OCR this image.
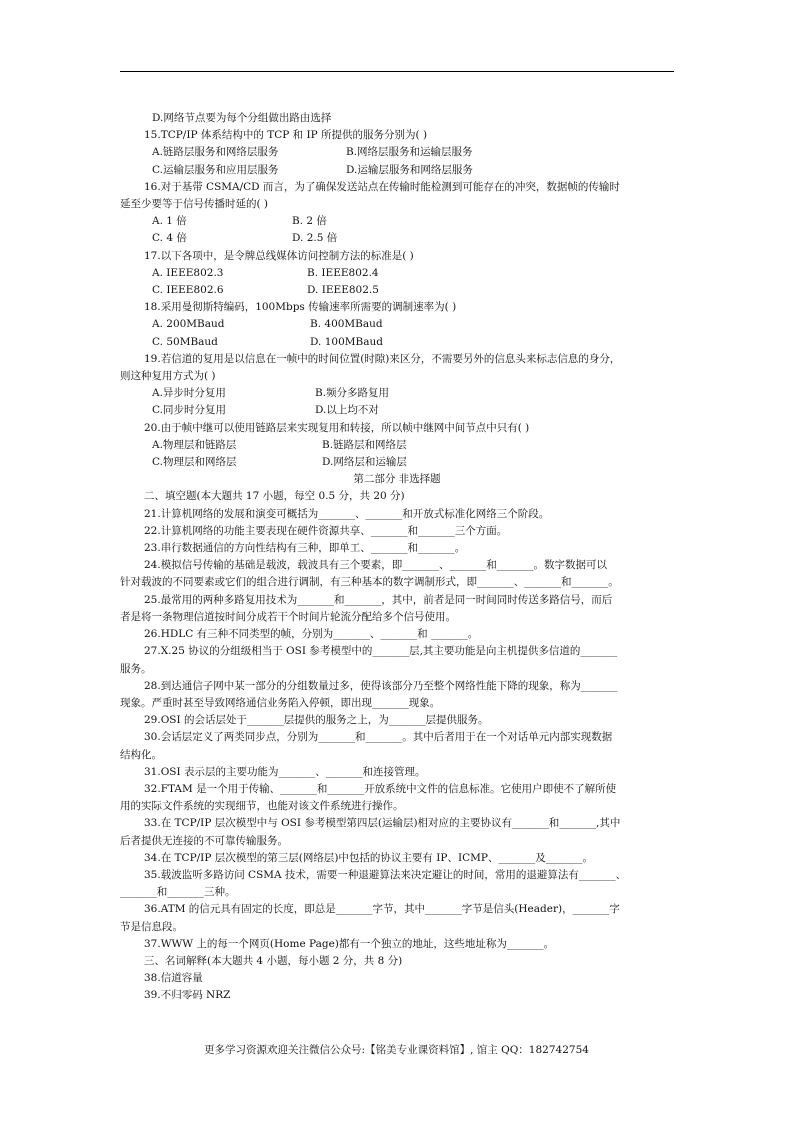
D.网络节点要为每个分组做出路由选择
15.TCP/IP 体系结构中的 TCP 和 IP 所提供的服务分别为( )
A.链路层服务和网络层服务	B.网络层服务和运输层服务
C.运输层服务和应用层服务	D.运输层服务和网络层服务
16.对于基带 CSMA/CD 而言，为了确保发送站点在传输时能检测到可能存在的冲突，数据帧的传输时
延至少要等于信号传播时延的( )
A. 1 倍	B. 2 倍
C. 4 倍	D. 2.5 倍
17.以下各项中，是令牌总线媒体访问控制方法的标准是( )
A. IEEE802.3	B. IEEE802.4
C. IEEE802.6	D. IEEE802.5
18.采用曼彻斯特编码，100Mbps 传输速率所需要的调制速率为( )
A. 200MBaud	B. 400MBaud
C. 50MBaud	D. 100MBaud
19.若信道的复用是以信息在一帧中的时间位置(时隙)来区分，不需要另外的信息头来标志信息的身分，
则这种复用方式为( )
A.异步时分复用	B.频分多路复用
C.同步时分复用	D.以上均不对
20.由于帧中继可以使用链路层来实现复用和转接，所以帧中继网中间节点中只有( )
A.物理层和链路层	B.链路层和网络层
C.物理层和网络层	D.网络层和运输层
第二部分 非选择题
二、填空题(本大题共 17 小题，每空 0.5 分，共 20 分)
21.计算机网络的发展和演变可概括为_______、_______和开放式标准化网络三个阶段。
22.计算机网络的功能主要表现在硬件资源共享、_______和_______三个方面。
23.串行数据通信的方向性结构有三种，即单工、_______和_______。
24.模拟信号传输的基础是载波，载波具有三个要素，即_______、_______和_______。数字数据可以
针对载波的不同要素或它们的组合进行调制，有三种基本的数字调制形式，即_______、_______和_______。
25.最常用的两种多路复用技术为_______和_______，其中，前者是同一时间同时传送多路信号，而后
者是将一条物理信道按时间分成若干个时间片轮流分配给多个信号使用。
26.HDLC 有三种不同类型的帧，分别为_______、_______和 _______。
27.X.25 协议的分组级相当于 OSI 参考模型中的_______层,其主要功能是向主机提供多信道的_______
服务。
28.到达通信子网中某一部分的分组数量过多，使得该部分乃至整个网络性能下降的现象，称为_______
现象。严重时甚至导致网络通信业务陷入停顿，即出现_______现象。
29.OSI 的会话层处于_______层提供的服务之上，为_______层提供服务。
30.会话层定义了两类同步点，分别为_______和_______。其中后者用于在一个对话单元内部实现数据
结构化。
31.OSI 表示层的主要功能为_______、_______和连接管理。
32.FTAM 是一个用于传输、_______和_______开放系统中文件的信息标准。它使用户即使不了解所使
用的实际文件系统的实现细节，也能对该文件系统进行操作。
33.在 TCP/IP 层次模型中与 OSI 参考模型第四层(运输层)相对应的主要协议有_______和_______,其中
后者提供无连接的不可靠传输服务。
34.在 TCP/IP 层次模型的第三层(网络层)中包括的协议主要有 IP、ICMP、_______及_______。
35.载波监听多路访问 CSMA 技术，需要一种退避算法来决定避让的时间，常用的退避算法有_______、
_______和_______三种。
36.ATM 的信元具有固定的长度，即总是_______字节，其中_______字节是信头(Header)，_______字
节是信息段。
37.WWW 上的每一个网页(Home Page)都有一个独立的地址，这些地址称为_______。
三、名词解释(本大题共 4 小题，每小题 2 分，共 8 分)
38.信道容量
39.不归零码 NRZ
更多学习资源欢迎关注微信公众号:【铭美专业课资料馆】, 馆主 QQ：182742754
